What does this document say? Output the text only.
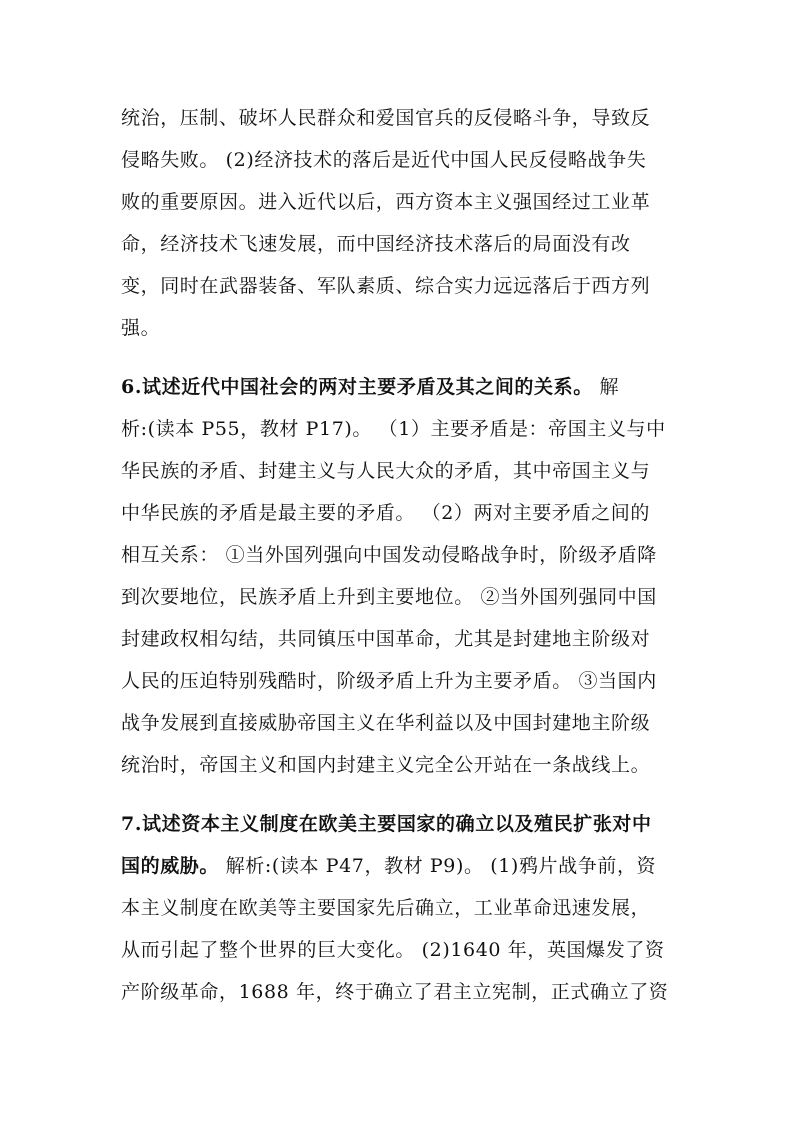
统治，压制、破坏人民群众和爱国官兵的反侵略斗争，导致反
侵略失败。 (2)经济技术的落后是近代中国人民反侵略战争失
败的重要原因。进入近代以后，西方资本主义强国经过工业革
命，经济技术飞速发展，而中国经济技术落后的局面没有改
变，同时在武器装备、军队素质、综合实力远远落后于西方列
强。
6.试述近代中国社会的两对主要矛盾及其之间的关系。 解
析:(读本 P55，教材 P17)。 （1）主要矛盾是：帝国主义与中
华民族的矛盾、封建主义与人民大众的矛盾，其中帝国主义与
中华民族的矛盾是最主要的矛盾。 （2）两对主要矛盾之间的
相互关系： ①当外国列强向中国发动侵略战争时，阶级矛盾降
到次要地位，民族矛盾上升到主要地位。 ②当外国列强同中国
封建政权相勾结，共同镇压中国革命，尤其是封建地主阶级对
人民的压迫特别残酷时，阶级矛盾上升为主要矛盾。 ③当国内
战争发展到直接威胁帝国主义在华利益以及中国封建地主阶级
统治时，帝国主义和国内封建主义完全公开站在一条战线上。
7.试述资本主义制度在欧美主要国家的确立以及殖民扩张对中
国的威胁。 解析:(读本 P47，教材 P9)。 (1)鸦片战争前，资
本主义制度在欧美等主要国家先后确立，工业革命迅速发展，
从而引起了整个世界的巨大变化。 (2)1640 年，英国爆发了资
产阶级革命，1688 年，终于确立了君主立宪制，正式确立了资
